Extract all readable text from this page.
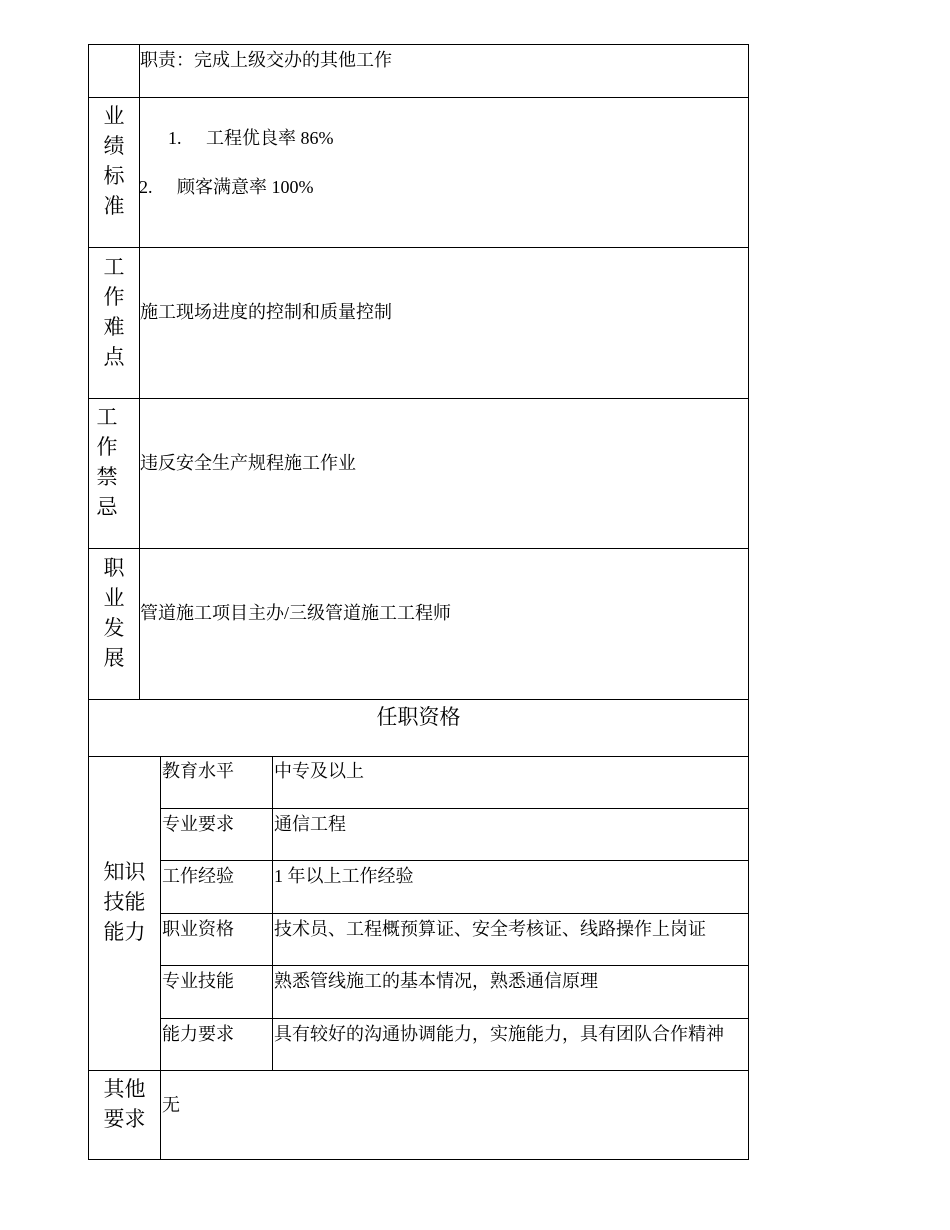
职责：完成上级交办的其他工作
业
绩
标
准
1. 工程优良率 86%
2. 顾客满意率 100%
工
作
难
点
施工现场进度的控制和质量控制
工
作
禁
忌
违反安全生产规程施工作业
职
业
发
展
管道施工项目主办/三级管道施工工程师
任职资格
知识
技能
能力
教育水平 中专及以上
专业要求 通信工程
工作经验 1 年以上工作经验
职业资格 技术员、工程概预算证、安全考核证、线路操作上岗证
专业技能 熟悉管线施工的基本情况，熟悉通信原理
能力要求 具有较好的沟通协调能力，实施能力，具有团队合作精神
其他
要求
无
